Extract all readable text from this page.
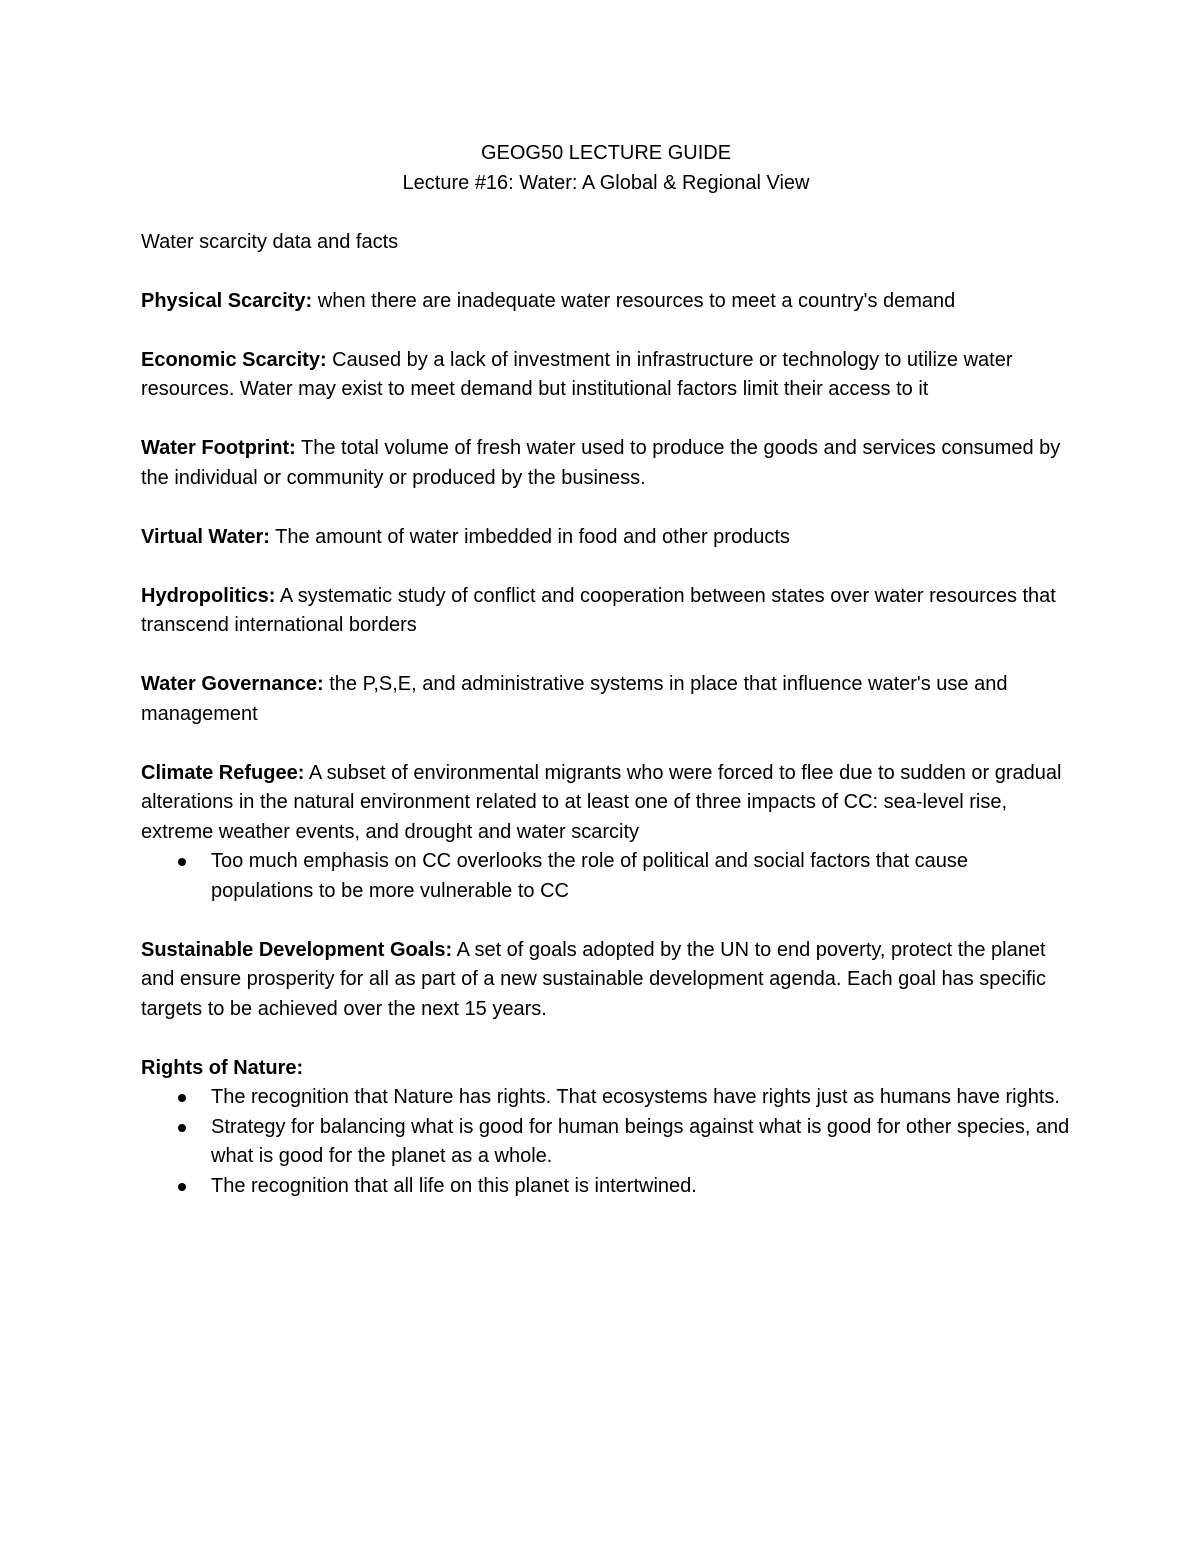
GEOG50 LECTURE GUIDE
Lecture #16: Water: A Global & Regional View

Water scarcity data and facts

Physical Scarcity: when there are inadequate water resources to meet a country's demand

Economic Scarcity: Caused by a lack of investment in infrastructure or technology to utilize water resources. Water may exist to meet demand but institutional factors limit their access to it

Water Footprint: The total volume of fresh water used to produce the goods and services consumed by the individual or community or produced by the business.

Virtual Water: The amount of water imbedded in food and other products

Hydropolitics: A systematic study of conflict and cooperation between states over water resources that transcend international borders

Water Governance: the P,S,E, and administrative systems in place that influence water's use and management

Climate Refugee: A subset of environmental migrants who were forced to flee due to sudden or gradual alterations in the natural environment related to at least one of three impacts of CC: sea-level rise, extreme weather events, and drought and water scarcity

Too much emphasis on CC overlooks the role of political and social factors that cause populations to be more vulnerable to CC

Sustainable Development Goals: A set of goals adopted by the UN to end poverty, protect the planet and ensure prosperity for all as part of a new sustainable development agenda. Each goal has specific targets to be achieved over the next 15 years.

Rights of Nature:

The recognition that Nature has rights. That ecosystems have rights just as humans have rights.
Strategy for balancing what is good for human beings against what is good for other species, and what is good for the planet as a whole.
The recognition that all life on this planet is intertwined.
